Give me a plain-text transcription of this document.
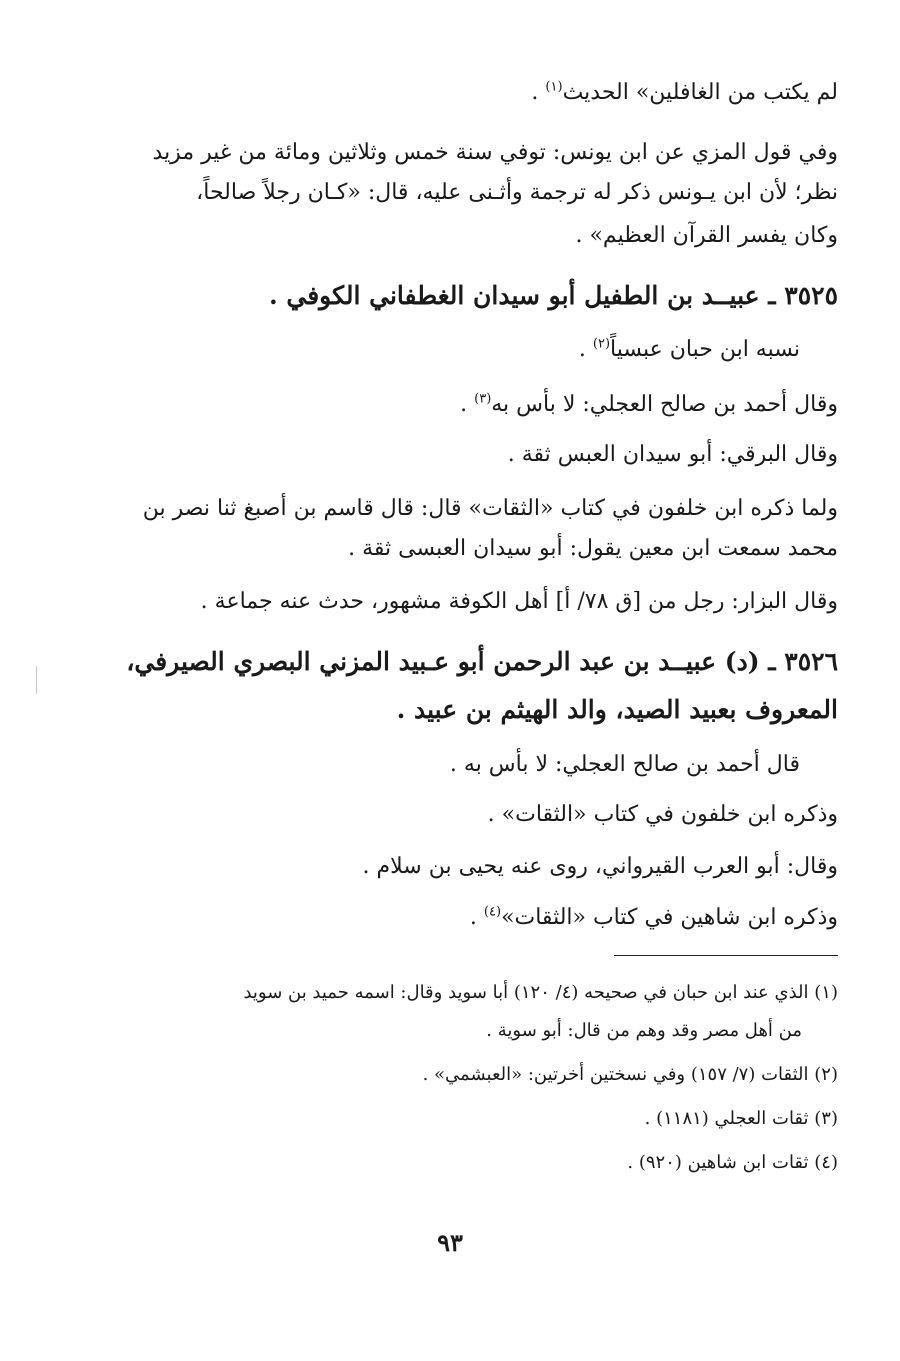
لم يكتب من الغافلين» الحديث$^{(١)}$ .
وفي قول المزي عن ابن يونس: توفي سنة خمس وثلاثين ومائة من غير مزيد
نظر؛ لأن ابن يـونس ذكر له ترجمة وأثـنى عليه، قال: «كـان رجلاً صالحاً،
وكان يفسر القرآن العظيم» .
٣٥٢٥ ـ عبيــد بن الطفيل أبو سيدان الغطفاني الكوفي .
نسبه ابن حبان عبسياً$^{(٢)}$ .
وقال أحمد بن صالح العجلي: لا بأس به$^{(٣)}$ .
وقال البرقي: أبو سيدان العبس ثقة .
ولما ذكره ابن خلفون في كتاب «الثقات» قال: قال قاسم بن أصبغ ثنا نصر بن
محمد سمعت ابن معين يقول: أبو سيدان العبسى ثقة .
وقال البزار: رجل من [ق ٧٨/ أ] أهل الكوفة مشهور، حدث عنه جماعة .
٣٥٢٦ ـ (د) عبيــد بن عبد الرحمن أبو عـبيد المزني البصري الصيرفي،
المعروف بعبيد الصيد، والد الهيثم بن عبيد .
قال أحمد بن صالح العجلي: لا بأس به .
وذكره ابن خلفون في كتاب «الثقات» .
وقال: أبو العرب القيرواني، روى عنه يحيى بن سلام .
وذكره ابن شاهين في كتاب «الثقات»$^{(٤)}$ .
(١) الذي عند ابن حبان في صحيحه (٤/ ١٢٠) أبا سويد وقال: اسمه حميد بن سويد
من أهل مصر وقد وهم من قال: أبو سوية .
(٢) الثقات (٧/ ١٥٧) وفي نسختين أخرتين: «العبشمي» .
(٣) ثقات العجلي (١١٨١) .
(٤) ثقات ابن شاهين (٩٢٠) .
٩٣
